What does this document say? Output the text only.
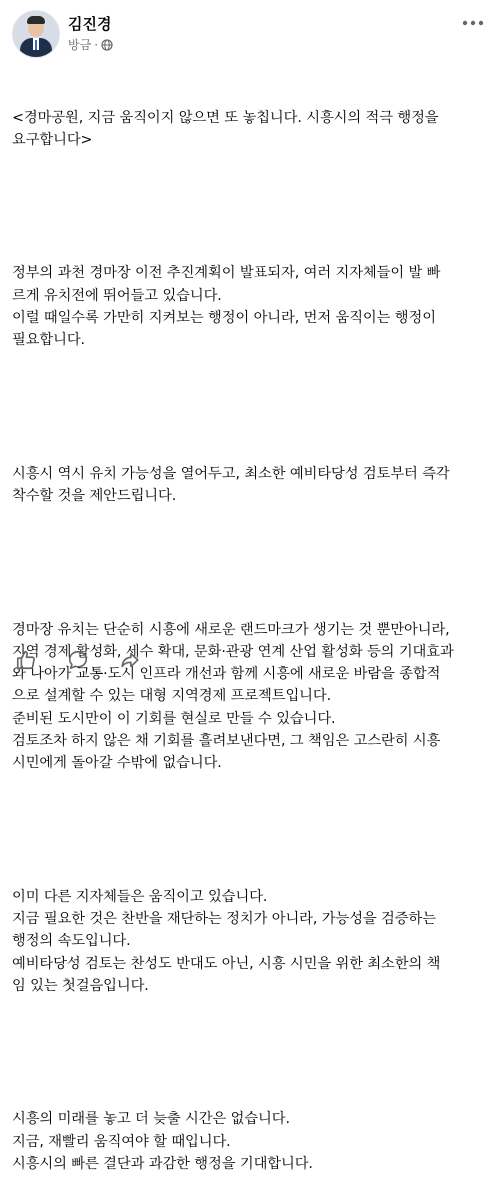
김진경
방금 ·

<경마공원, 지금 움직이지 않으면 또 놓칩니다. 시흥시의 적극 행정을
요구합니다>

정부의 과천 경마장 이전 추진계획이 발표되자, 여러 지자체들이 발 빠
르게 유치전에 뛰어들고 있습니다.
이럴 때일수록 가만히 지켜보는 행정이 아니라, 먼저 움직이는 행정이
필요합니다.

시흥시 역시 유치 가능성을 열어두고, 최소한 예비타당성 검토부터 즉각
착수할 것을 제안드립니다.

경마장 유치는 단순히 시흥에 새로운 랜드마크가 생기는 것 뿐만아니라,
지역 경제 활성화, 세수 확대, 문화·관광 연계 산업 활성화 등의 기대효과
와 나아가 교통·도시 인프라 개선과 함께 시흥에 새로운 바람을 종합적
으로 설계할 수 있는 대형 지역경제 프로젝트입니다.
준비된 도시만이 이 기회를 현실로 만들 수 있습니다.
검토조차 하지 않은 채 기회를 흘려보낸다면, 그 책임은 고스란히 시흥
시민에게 돌아갈 수밖에 없습니다.

이미 다른 지자체들은 움직이고 있습니다.
지금 필요한 것은 찬반을 재단하는 정치가 아니라, 가능성을 검증하는
행정의 속도입니다.
예비타당성 검토는 찬성도 반대도 아닌, 시흥 시민을 위한 최소한의 책
임 있는 첫걸음입니다.

시흥의 미래를 놓고 더 늦출 시간은 없습니다.
지금, 재빨리 움직여야 할 때입니다.
시흥시의 빠른 결단과 과감한 행정을 기대합니다.
